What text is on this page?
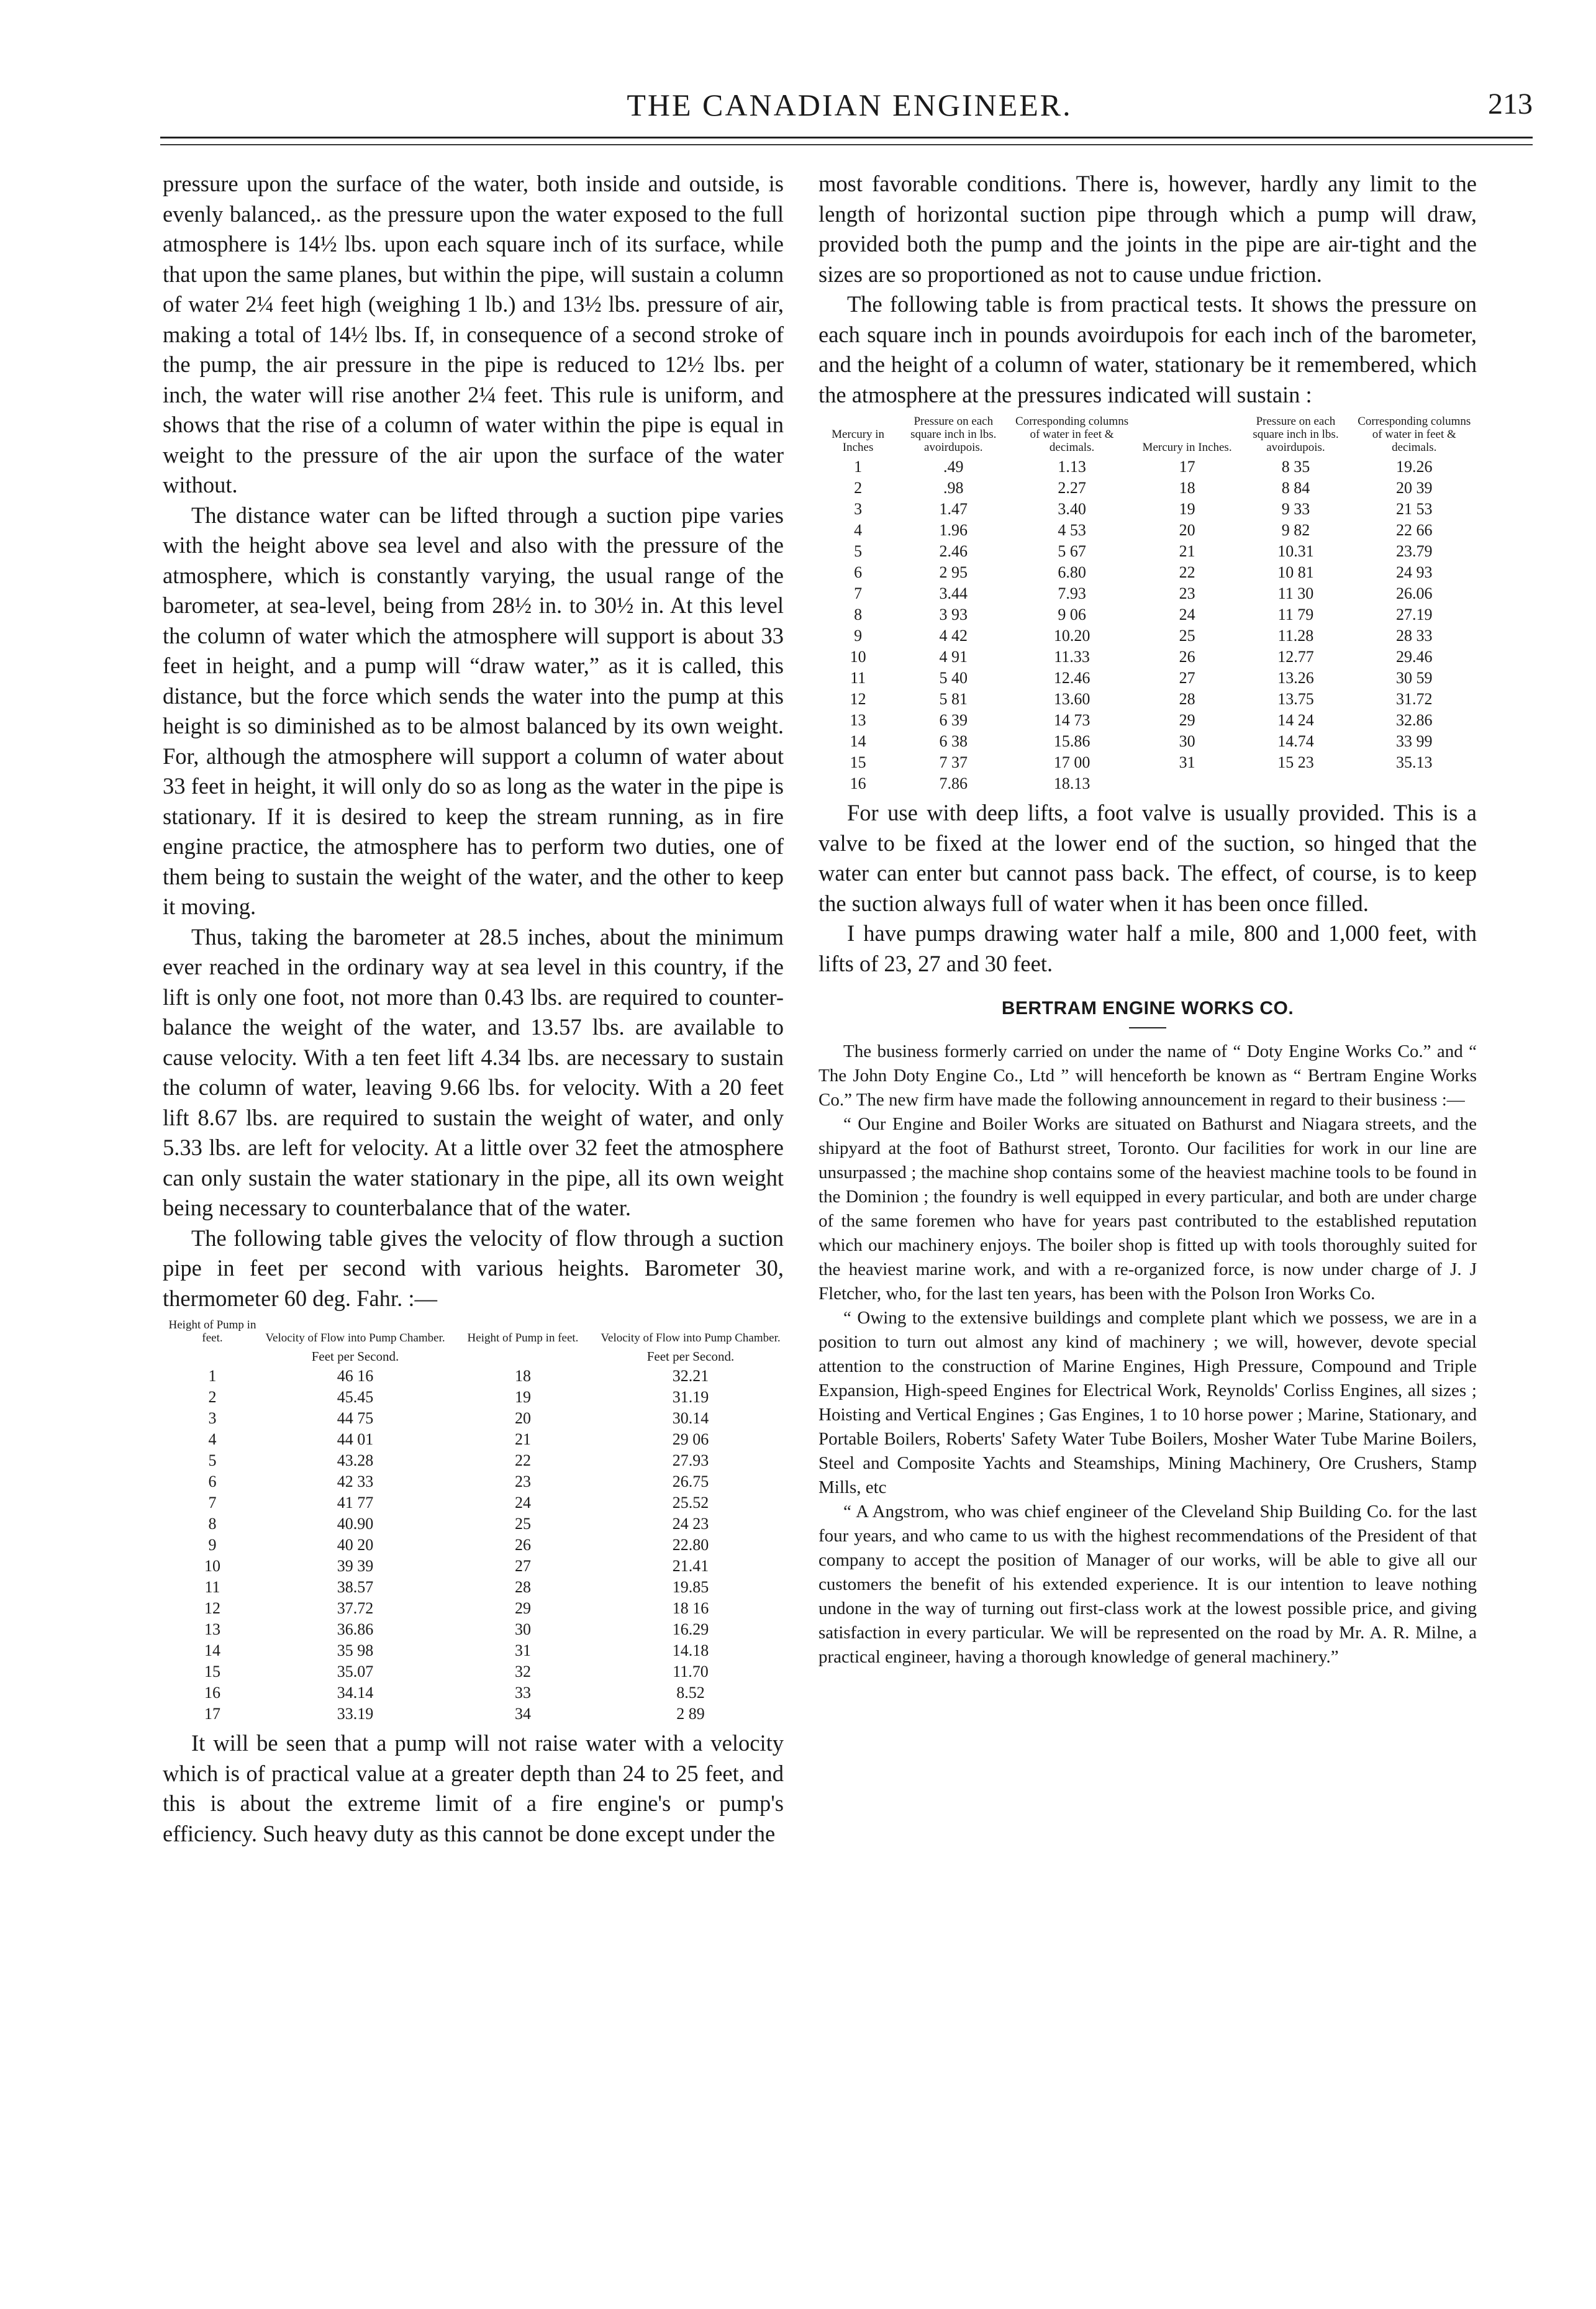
THE CANADIAN ENGINEER.	213

pressure upon the surface of the water, both inside and outside, is evenly balanced,. as the pressure upon the water exposed to the full atmosphere is 14½ lbs. upon each square inch of its surface, while that upon the same planes, but within the pipe, will sustain a column of water 2¼ feet high (weighing 1 lb.) and 13½ lbs. pressure of air, making a total of 14½ lbs. If, in consequence of a second stroke of the pump, the air pressure in the pipe is reduced to 12½ lbs. per inch, the water will rise another 2¼ feet. This rule is uniform, and shows that the rise of a column of water within the pipe is equal in weight to the pressure of the air upon the surface of the water without.

The distance water can be lifted through a suction pipe varies with the height above sea level and also with the pressure of the atmosphere, which is constantly varying, the usual range of the barometer, at sea-level, being from 28½ in. to 30½ in. At this level the column of water which the atmosphere will support is about 33 feet in height, and a pump will “draw water,” as it is called, this distance, but the force which sends the water into the pump at this height is so diminished as to be almost balanced by its own weight. For, although the atmosphere will support a column of water about 33 feet in height, it will only do so as long as the water in the pipe is stationary. If it is desired to keep the stream running, as in fire engine practice, the atmosphere has to perform two duties, one of them being to sustain the weight of the water, and the other to keep it moving.

Thus, taking the barometer at 28.5 inches, about the minimum ever reached in the ordinary way at sea level in this country, if the lift is only one foot, not more than 0.43 lbs. are required to counter-balance the weight of the water, and 13.57 lbs. are available to cause velocity. With a ten feet lift 4.34 lbs. are necessary to sustain the column of water, leaving 9.66 lbs. for velocity. With a 20 feet lift 8.67 lbs. are required to sustain the weight of water, and only 5.33 lbs. are left for velocity. At a little over 32 feet the atmosphere can only sustain the water stationary in the pipe, all its own weight being necessary to counterbalance that of the water.

The following table gives the velocity of flow through a suction pipe in feet per second with various heights. Barometer 30, thermometer 60 deg. Fahr. :—

Height of Pump in feet.	Velocity of Flow into Pump Chamber.	Height of Pump in feet.	Velocity of Flow into Pump Chamber.
	Feet per Second.		Feet per Second.
1	46 16	18	32.21
2	45.45	19	31.19
3	44 75	20	30.14
4	44 01	21	29 06
5	43.28	22	27.93
6	42 33	23	26.75
7	41 77	24	25.52
8	40.90	25	24 23
9	40 20	26	22.80
10	39 39	27	21.41
11	38.57	28	19.85
12	37.72	29	18 16
13	36.86	30	16.29
14	35 98	31	14.18
15	35.07	32	11.70
16	34.14	33	8.52
17	33.19	34	2 89

It will be seen that a pump will not raise water with a velocity which is of practical value at a greater depth than 24 to 25 feet, and this is about the extreme limit of a fire engine's or pump's efficiency. Such heavy duty as this cannot be done except under the

most favorable conditions. There is, however, hardly any limit to the length of horizontal suction pipe through which a pump will draw, provided both the pump and the joints in the pipe are air-tight and the sizes are so proportioned as not to cause undue friction.

The following table is from practical tests. It shows the pressure on each square inch in pounds avoirdupois for each inch of the barometer, and the height of a column of water, stationary be it remembered, which the atmosphere at the pressures indicated will sustain :

Mercury in Inches	Pressure on each square inch in lbs. avoirdupois.	Corresponding columns of water in feet & decimals.	Mercury in Inches.	Pressure on each square inch in lbs. avoirdupois.	Corresponding columns of water in feet & decimals.
1	.49	1.13	17	8 35	19.26
2	.98	2.27	18	8 84	20 39
3	1.47	3.40	19	9 33	21 53
4	1.96	4 53	20	9 82	22 66
5	2.46	5 67	21	10.31	23.79
6	2 95	6.80	22	10 81	24 93
7	3.44	7.93	23	11 30	26.06
8	3 93	9 06	24	11 79	27.19
9	4 42	10.20	25	11.28	28 33
10	4 91	11.33	26	12.77	29.46
11	5 40	12.46	27	13.26	30 59
12	5 81	13.60	28	13.75	31.72
13	6 39	14 73	29	14 24	32.86
14	6 38	15.86	30	14.74	33 99
15	7 37	17 00	31	15 23	35.13
16	7.86	18.13			

For use with deep lifts, a foot valve is usually provided. This is a valve to be fixed at the lower end of the suction, so hinged that the water can enter but cannot pass back. The effect, of course, is to keep the suction always full of water when it has been once filled.

I have pumps drawing water half a mile, 800 and 1,000 feet, with lifts of 23, 27 and 30 feet.

BERTRAM ENGINE WORKS CO.

The business formerly carried on under the name of “ Doty Engine Works Co.” and “ The John Doty Engine Co., Ltd ” will henceforth be known as “ Bertram Engine Works Co.” The new firm have made the following announcement in regard to their business :—

“ Our Engine and Boiler Works are situated on Bathurst and Niagara streets, and the shipyard at the foot of Bathurst street, Toronto. Our facilities for work in our line are unsurpassed ; the machine shop contains some of the heaviest machine tools to be found in the Dominion ; the foundry is well equipped in every particular, and both are under charge of the same foremen who have for years past contributed to the established reputation which our machinery enjoys. The boiler shop is fitted up with tools thoroughly suited for the heaviest marine work, and with a re-organized force, is now under charge of J. J Fletcher, who, for the last ten years, has been with the Polson Iron Works Co.

“ Owing to the extensive buildings and complete plant which we possess, we are in a position to turn out almost any kind of machinery ; we will, however, devote special attention to the construction of Marine Engines, High Pressure, Compound and Triple Expansion, High-speed Engines for Electrical Work, Reynolds' Corliss Engines, all sizes ; Hoisting and Vertical Engines ; Gas Engines, 1 to 10 horse power ; Marine, Stationary, and Portable Boilers, Roberts' Safety Water Tube Boilers, Mosher Water Tube Marine Boilers, Steel and Composite Yachts and Steamships, Mining Machinery, Ore Crushers, Stamp Mills, etc

“ A Angstrom, who was chief engineer of the Cleveland Ship Building Co. for the last four years, and who came to us with the highest recommendations of the President of that company to accept the position of Manager of our works, will be able to give all our customers the benefit of his extended experience. It is our intention to leave nothing undone in the way of turning out first-class work at the lowest possible price, and giving satisfaction in every particular. We will be represented on the road by Mr. A. R. Milne, a practical engineer, having a thorough knowledge of general machinery.”
